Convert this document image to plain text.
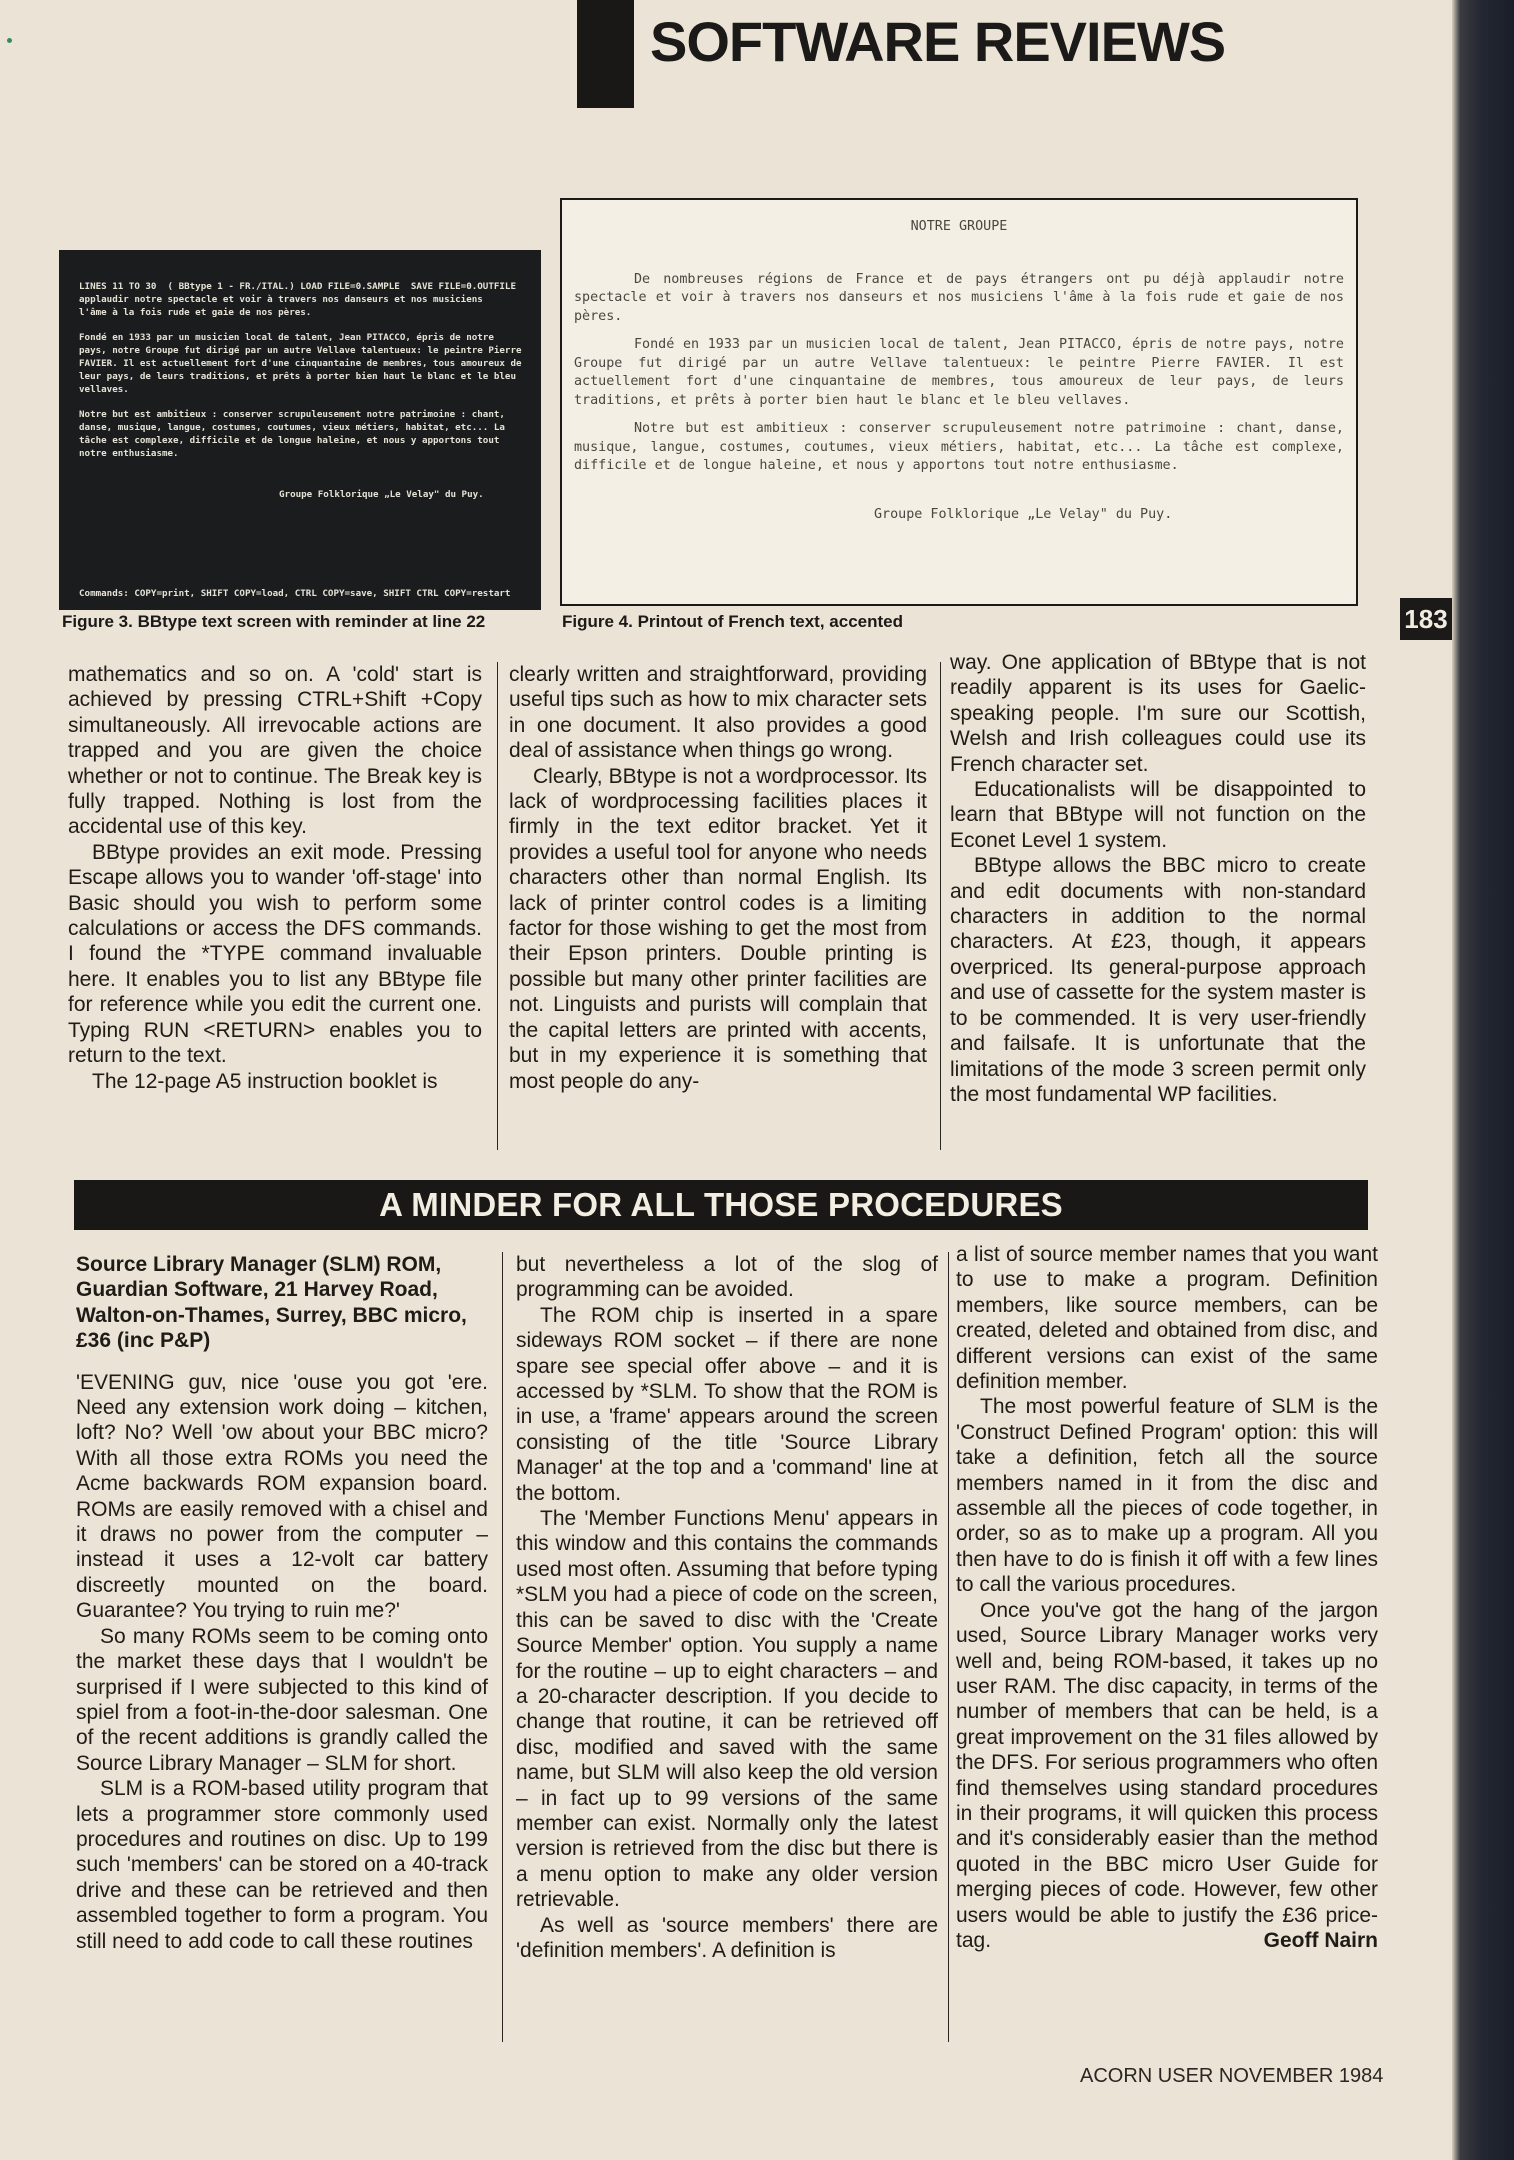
SOFTWARE REVIEWS
183
LINES 11 TO 30  ( BBtype 1 - FR./ITAL.) LOAD FILE=0.SAMPLE  SAVE FILE=0.OUTFILE
applaudir notre spectacle et voir à travers nos danseurs et nos musiciens
l'âme à la fois rude et gaie de nos pères.
Fondé en 1933 par un musicien local de talent, Jean PITACCO, épris de notre pays, notre Groupe fut dirigé par un autre Vellave talentueux: le peintre Pierre FAVIER. Il est actuellement fort d'une cinquantaine de membres, tous amoureux de leur pays, de leurs traditions, et prêts à porter bien haut le blanc et le bleu vellaves.
Notre but est ambitieux : conserver scrupuleusement notre patrimoine : chant, danse, musique, langue, costumes, coutumes, vieux métiers, habitat, etc... La tâche est complexe, difficile et de longue haleine, et nous y apportons tout notre enthusiasme.
Groupe Folklorique „Le Velay" du Puy.
Commands: COPY=print, SHIFT COPY=load, CTRL COPY=save, SHIFT CTRL COPY=restart
NOTRE GROUPE

De nombreuses régions de France et de pays étrangers ont pu déjà applaudir notre spectacle et voir à travers nos danseurs et nos musiciens l'âme à la fois rude et gaie de nos pères.

Fondé en 1933 par un musicien local de talent, Jean PITACCO, épris de notre pays, notre Groupe fut dirigé par un autre Vellave talentueux: le peintre Pierre FAVIER. Il est actuellement fort d'une cinquantaine de membres, tous amoureux de leur pays, de leurs traditions, et prêts à porter bien haut le blanc et le bleu vellaves.

Notre but est ambitieux : conserver scrupuleusement notre patrimoine : chant, danse, musique, langue, costumes, coutumes, vieux métiers, habitat, etc... La tâche est complexe, difficile et de longue haleine, et nous y apportons tout notre enthusiasme.

Groupe Folklorique „Le Velay" du Puy.
Figure 3. BBtype text screen with reminder at line 22	Figure 4. Printout of French text, accented

mathematics and so on. A 'cold' start is achieved by pressing CTRL+Shift +Copy simultaneously. All irrevocable actions are trapped and you are given the choice whether or not to continue. The Break key is fully trapped. Nothing is lost from the accidental use of this key.

BBtype provides an exit mode. Pressing Escape allows you to wander 'off-stage' into Basic should you wish to perform some calculations or access the DFS commands. I found the *TYPE command invaluable here. It enables you to list any BBtype file for reference while you edit the current one. Typing RUN <RETURN> enables you to return to the text.

The 12-page A5 instruction booklet is

clearly written and straightforward, providing useful tips such as how to mix character sets in one document. It also provides a good deal of assistance when things go wrong.

Clearly, BBtype is not a wordprocessor. Its lack of wordprocessing facilities places it firmly in the text editor bracket. Yet it provides a useful tool for anyone who needs characters other than normal English. Its lack of printer control codes is a limiting factor for those wishing to get the most from their Epson printers. Double printing is possible but many other printer facilities are not. Linguists and purists will complain that the capital letters are printed with accents, but in my experience it is something that most people do any-

way. One application of BBtype that is not readily apparent is its uses for Gaelic-speaking people. I'm sure our Scottish, Welsh and Irish colleagues could use its French character set.

Educationalists will be disappointed to learn that BBtype will not function on the Econet Level 1 system.

BBtype allows the BBC micro to create and edit documents with non-standard characters in addition to the normal characters. At £23, though, it appears overpriced. Its general-purpose approach and use of cassette for the system master is to be commended. It is very user-friendly and failsafe. It is unfortunate that the limitations of the mode 3 screen permit only the most fundamental WP facilities.

A MINDER FOR ALL THOSE PROCEDURES

Source Library Manager (SLM) ROM, Guardian Software, 21 Harvey Road, Walton-on-Thames, Surrey, BBC micro, £36 (inc P&P)

'EVENING guv, nice 'ouse you got 'ere. Need any extension work doing – kitchen, loft? No? Well 'ow about your BBC micro? With all those extra ROMs you need the Acme backwards ROM expansion board. ROMs are easily removed with a chisel and it draws no power from the computer – instead it uses a 12-volt car battery discreetly mounted on the board. Guarantee? You trying to ruin me?'

So many ROMs seem to be coming onto the market these days that I wouldn't be surprised if I were subjected to this kind of spiel from a foot-in-the-door salesman. One of the recent additions is grandly called the Source Library Manager – SLM for short.

SLM is a ROM-based utility program that lets a programmer store commonly used procedures and routines on disc. Up to 199 such 'members' can be stored on a 40-track drive and these can be retrieved and then assembled together to form a program. You still need to add code to call these routines

but nevertheless a lot of the slog of programming can be avoided.

The ROM chip is inserted in a spare sideways ROM socket – if there are none spare see special offer above – and it is accessed by *SLM. To show that the ROM is in use, a 'frame' appears around the screen consisting of the title 'Source Library Manager' at the top and a 'command' line at the bottom.

The 'Member Functions Menu' appears in this window and this contains the commands used most often. Assuming that before typing *SLM you had a piece of code on the screen, this can be saved to disc with the 'Create Source Member' option. You supply a name for the routine – up to eight characters – and a 20-character description. If you decide to change that routine, it can be retrieved off disc, modified and saved with the same name, but SLM will also keep the old version – in fact up to 99 versions of the same member can exist. Normally only the latest version is retrieved from the disc but there is a menu option to make any older version retrievable.

As well as 'source members' there are 'definition members'. A definition is

a list of source member names that you want to use to make a program. Definition members, like source members, can be created, deleted and obtained from disc, and different versions can exist of the same definition member.

The most powerful feature of SLM is the 'Construct Defined Program' option: this will take a definition, fetch all the source members named in it from the disc and assemble all the pieces of code together, in order, so as to make up a program. All you then have to do is finish it off with a few lines to call the various procedures.

Once you've got the hang of the jargon used, Source Library Manager works very well and, being ROM-based, it takes up no user RAM. The disc capacity, in terms of the number of members that can be held, is a great improvement on the 31 files allowed by the DFS. For serious programmers who often find themselves using standard procedures in their programs, it will quicken this process and it's considerably easier than the method quoted in the BBC micro User Guide for merging pieces of code. However, few other users would be able to justify the £36 price-tag.	Geoff Nairn

ACORN USER NOVEMBER 1984
